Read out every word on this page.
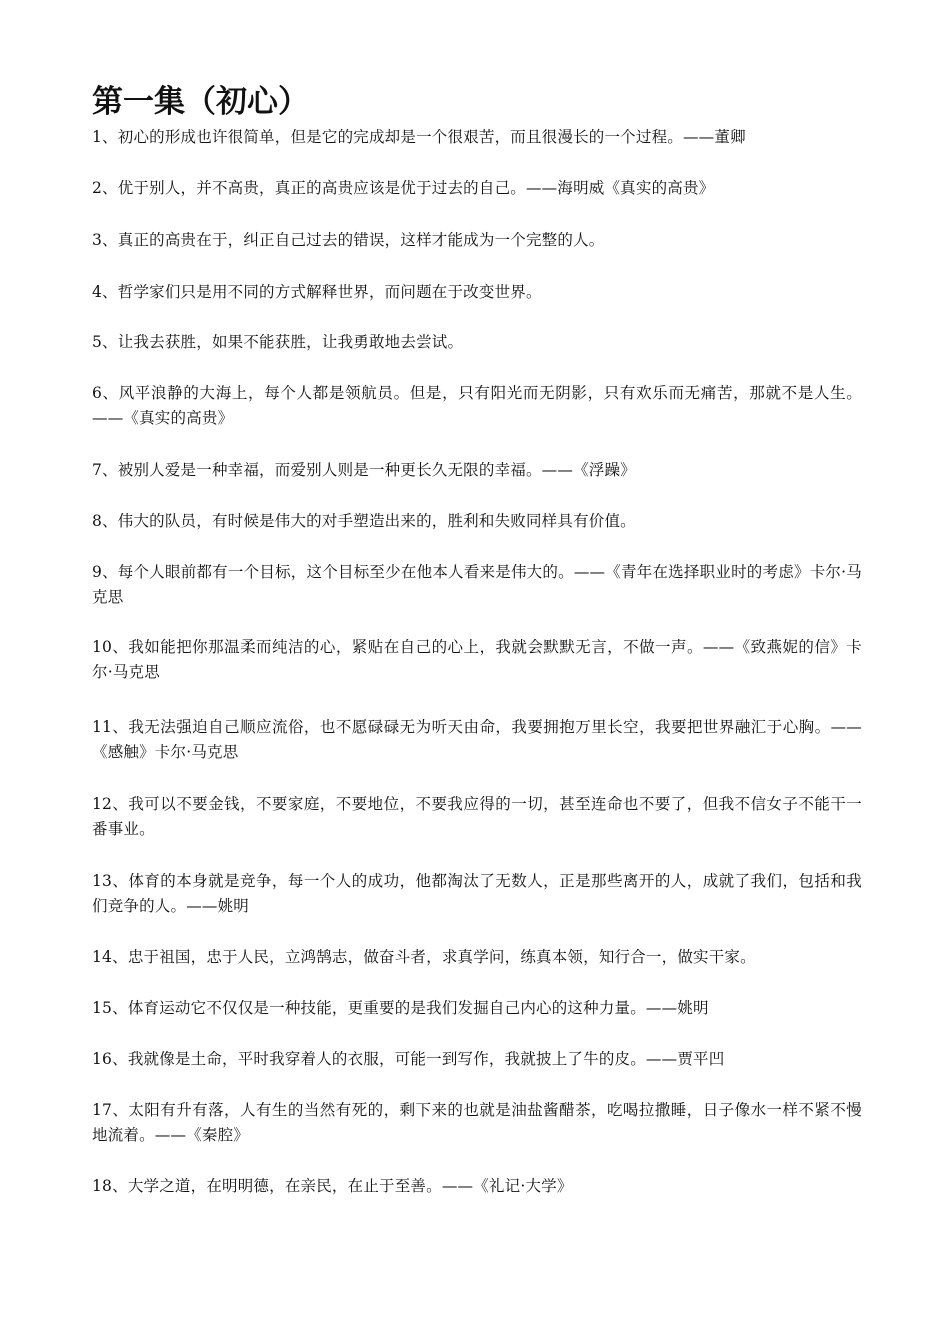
第一集（初心）

1、初心的形成也许很简单，但是它的完成却是一个很艰苦，而且很漫长的一个过程。——董卿

2、优于别人，并不高贵，真正的高贵应该是优于过去的自己。——海明威《真实的高贵》

3、真正的高贵在于，纠正自己过去的错误，这样才能成为一个完整的人。

4、哲学家们只是用不同的方式解释世界，而问题在于改变世界。

5、让我去获胜，如果不能获胜，让我勇敢地去尝试。

6、风平浪静的大海上，每个人都是领航员。但是，只有阳光而无阴影，只有欢乐而无痛苦，那就不是人生。——《真实的高贵》

7、被别人爱是一种幸福，而爱别人则是一种更长久无限的幸福。——《浮躁》

8、伟大的队员，有时候是伟大的对手塑造出来的，胜利和失败同样具有价值。

9、每个人眼前都有一个目标，这个目标至少在他本人看来是伟大的。——《青年在选择职业时的考虑》卡尔·马克思

10、我如能把你那温柔而纯洁的心，紧贴在自己的心上，我就会默默无言，不做一声。——《致燕妮的信》卡尔·马克思

11、我无法强迫自己顺应流俗，也不愿碌碌无为听天由命，我要拥抱万里长空，我要把世界融汇于心胸。——《感触》卡尔·马克思

12、我可以不要金钱，不要家庭，不要地位，不要我应得的一切，甚至连命也不要了，但我不信女子不能干一番事业。

13、体育的本身就是竞争，每一个人的成功，他都淘汰了无数人，正是那些离开的人，成就了我们，包括和我们竞争的人。——姚明

14、忠于祖国，忠于人民，立鸿鹄志，做奋斗者，求真学问，练真本领，知行合一，做实干家。

15、体育运动它不仅仅是一种技能，更重要的是我们发掘自己内心的这种力量。——姚明

16、我就像是土命，平时我穿着人的衣服，可能一到写作，我就披上了牛的皮。——贾平凹

17、太阳有升有落，人有生的当然有死的，剩下来的也就是油盐酱醋茶，吃喝拉撒睡，日子像水一样不紧不慢地流着。——《秦腔》

18、大学之道，在明明德，在亲民，在止于至善。——《礼记·大学》
